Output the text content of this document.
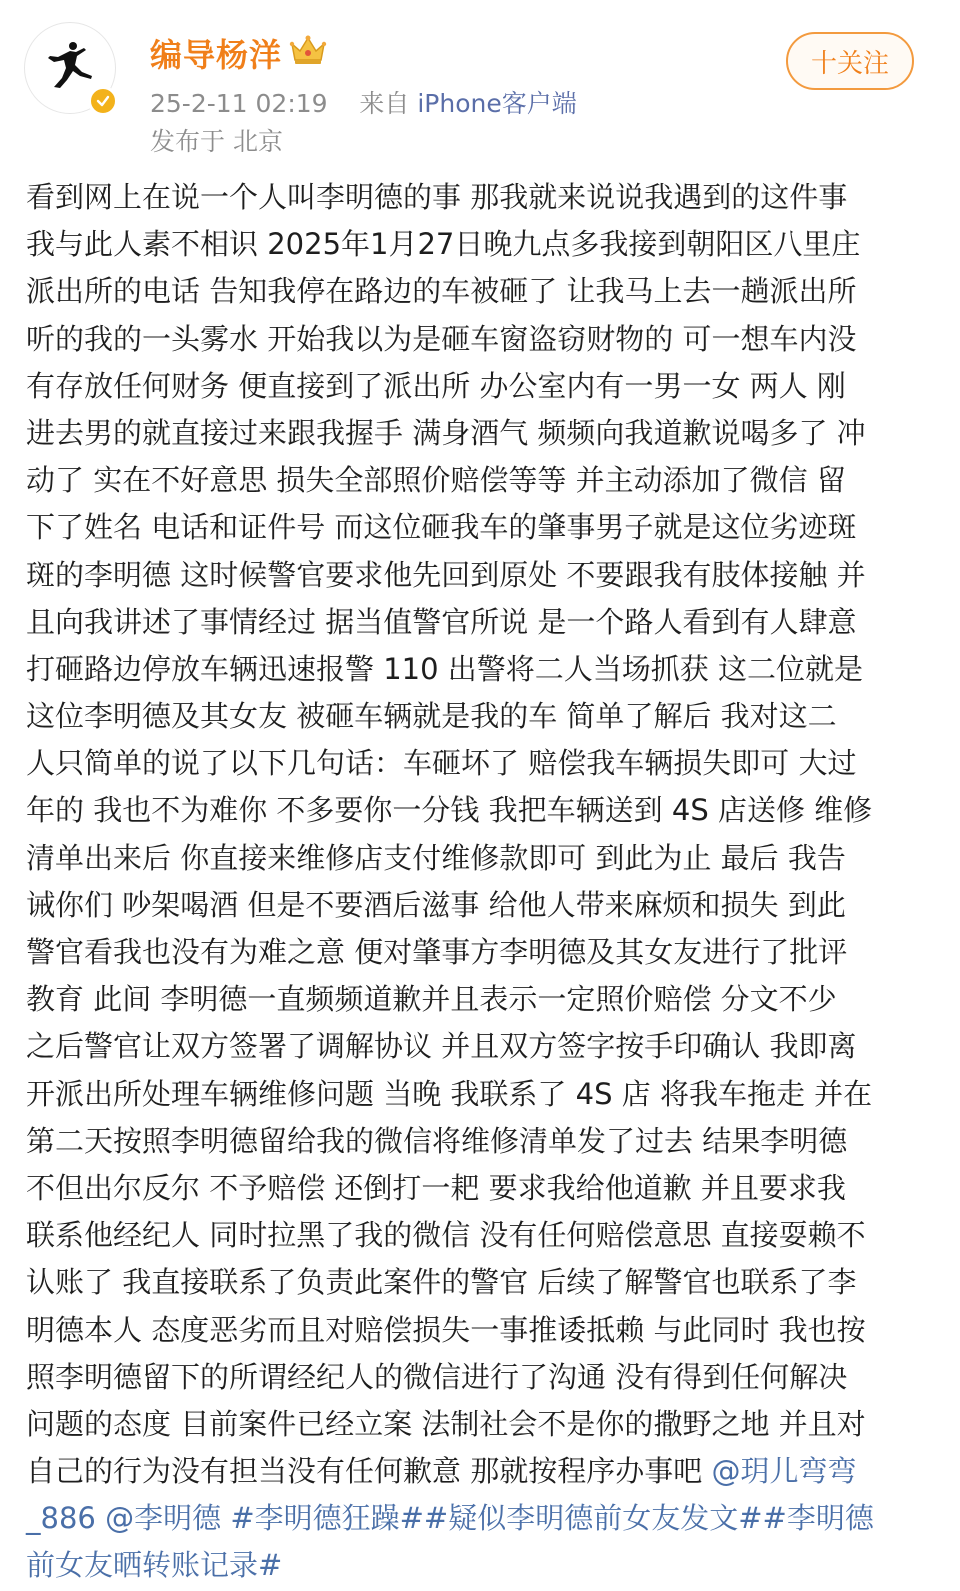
编导杨洋
25-2-11 02:19 来自 iPhone客户端
发布于 北京
十关注
看到网上在说一个人叫李明德的事 那我就来说说我遇到的这件事
我与此人素不相识 2025年1月27日晚九点多我接到朝阳区八里庄
派出所的电话 告知我停在路边的车被砸了 让我马上去一趟派出所
听的我的一头雾水 开始我以为是砸车窗盗窃财物的 可一想车内没
有存放任何财务 便直接到了派出所 办公室内有一男一女 两人 刚
进去男的就直接过来跟我握手 满身酒气 频频向我道歉说喝多了 冲
动了 实在不好意思 损失全部照价赔偿等等 并主动添加了微信 留
下了姓名 电话和证件号 而这位砸我车的肇事男子就是这位劣迹斑
斑的李明德 这时候警官要求他先回到原处 不要跟我有肢体接触 并
且向我讲述了事情经过 据当值警官所说 是一个路人看到有人肆意
打砸路边停放车辆迅速报警 110 出警将二人当场抓获 这二位就是
这位李明德及其女友 被砸车辆就是我的车 简单了解后 我对这二
人只简单的说了以下几句话：车砸坏了 赔偿我车辆损失即可 大过
年的 我也不为难你 不多要你一分钱 我把车辆送到 4S 店送修 维修
清单出来后 你直接来维修店支付维修款即可 到此为止 最后 我告
诫你们 吵架喝酒 但是不要酒后滋事 给他人带来麻烦和损失 到此
警官看我也没有为难之意 便对肇事方李明德及其女友进行了批评
教育 此间 李明德一直频频道歉并且表示一定照价赔偿 分文不少
之后警官让双方签署了调解协议 并且双方签字按手印确认 我即离
开派出所处理车辆维修问题 当晚 我联系了 4S 店 将我车拖走 并在
第二天按照李明德留给我的微信将维修清单发了过去 结果李明德
不但出尔反尔 不予赔偿 还倒打一耙 要求我给他道歉 并且要求我
联系他经纪人 同时拉黑了我的微信 没有任何赔偿意思 直接耍赖不
认账了 我直接联系了负责此案件的警官 后续了解警官也联系了李
明德本人 态度恶劣而且对赔偿损失一事推诿抵赖 与此同时 我也按
照李明德留下的所谓经纪人的微信进行了沟通 没有得到任何解决
问题的态度 目前案件已经立案 法制社会不是你的撒野之地 并且对
自己的行为没有担当没有任何歉意 那就按程序办事吧 @玥儿弯弯
_886 @李明德 #李明德狂躁##疑似李明德前女友发文##李明德
前女友晒转账记录#
